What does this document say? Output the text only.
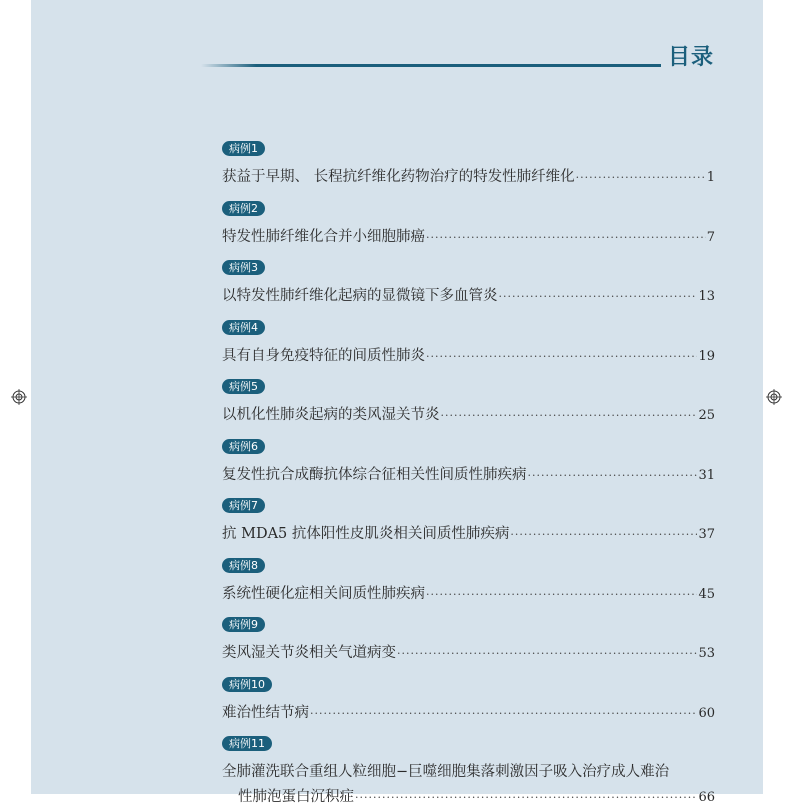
目录
病例1
获益于早期、 长程抗纤维化药物治疗的特发性肺纤维化 ·····	1
病例2
特发性肺纤维化合并小细胞肺癌 ·····	7
病例3
以特发性肺纤维化起病的显微镜下多血管炎 ·····	13
病例4
具有自身免疫特征的间质性肺炎 ·····	19
病例5
以机化性肺炎起病的类风湿关节炎 ·····	25
病例6
复发性抗合成酶抗体综合征相关性间质性肺疾病 ·····	31
病例7
抗 MDA5 抗体阳性皮肌炎相关间质性肺疾病 ·····	37
病例8
系统性硬化症相关间质性肺疾病 ·····	45
病例9
类风湿关节炎相关气道病变 ·····	53
病例10
难治性结节病 ·····	60
病例11
全肺灌洗联合重组人粒细胞−巨噬细胞集落刺激因子吸入治疗成人难治
性肺泡蛋白沉积症 ·····	66
